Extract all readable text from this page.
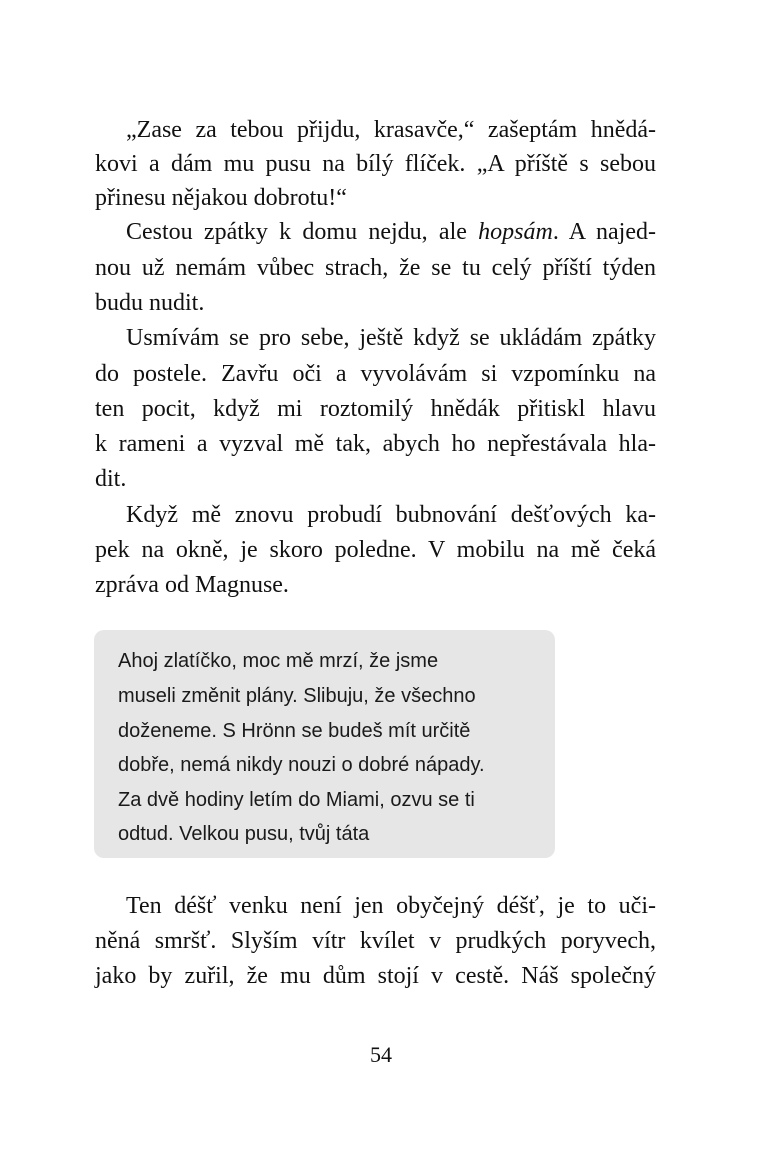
„Zase za tebou přijdu, krasavče,“ zašeptám hnědá-
kovi a dám mu pusu na bílý flíček. „A příště s sebou
přinesu nějakou dobrotu!“
Cestou zpátky k domu nejdu, ale hopsám. A najed-
nou už nemám vůbec strach, že se tu celý příští týden
budu nudit.
Usmívám se pro sebe, ještě když se ukládám zpátky
do postele. Zavřu oči a vyvolávám si vzpomínku na
ten pocit, když mi roztomilý hnědák přitiskl hlavu
k rameni a vyzval mě tak, abych ho nepřestávala hla-
dit.
Když mě znovu probudí bubnování dešťových ka-
pek na okně, je skoro poledne. V mobilu na mě čeká
zpráva od Magnuse.
Ahoj zlatíčko, moc mě mrzí, že jsme
museli změnit plány. Slibuju, že všechno
doženeme. S Hrönn se budeš mít určitě
dobře, nemá nikdy nouzi o dobré nápady.
Za dvě hodiny letím do Miami, ozvu se ti
odtud. Velkou pusu, tvůj táta
Ten déšť venku není jen obyčejný déšť, je to uči-
něná smršť. Slyším vítr kvílet v prudkých poryvech,
jako by zuřil, že mu dům stojí v cestě. Náš společný
54
